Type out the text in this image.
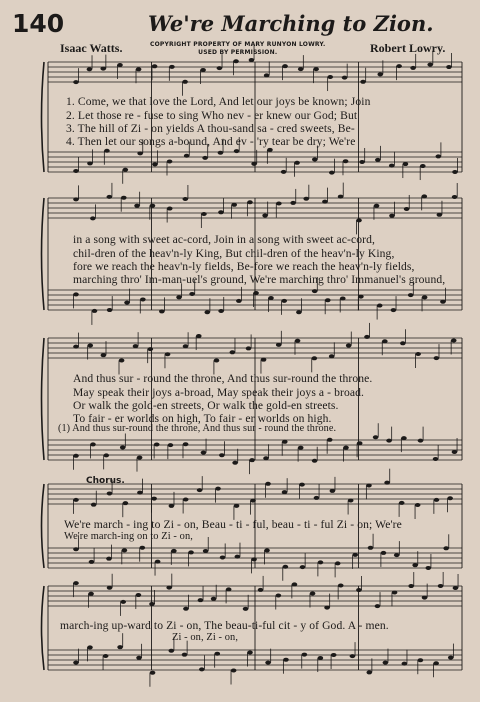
140	We're Marching to Zion.
Isaac Watts.	COPYRIGHT PROPERTY OF MARY RUNYON LOWRY.
USED BY PERMISSION.	Robert Lowry.
1. Come, we that love the Lord, And let our joys be known; Join
2. Let those re - fuse to sing Who nev - er knew our God; But
3. The hill of Zi - on yields A thou-sand sa - cred sweets, Be-
4. Then let our songs a-bound, And ev - 'ry tear be dry; We're
in a song with sweet ac-cord, Join in a song with sweet ac-cord,
chil-dren of the heav'n-ly King, But chil-dren of the heav'n-ly King,
fore we reach the heav'n-ly fields, Be-fore we reach the heav'n-ly fields,
marching thro' Im-man-uel's ground, We're marching thro' Immanuel's ground,
And thus sur - round the throne, And thus sur-round the throne.
May speak their joys a-broad, May speak their joys a - broad.
Or walk the gold-en streets, Or walk the gold-en streets.
To fair - er worlds on high, To fair - er worlds on high.
(1) And thus sur-round the throne, And thus sur - round the throne.
Chorus.
We're march - ing to Zi - on, Beau - ti - ful, beau - ti - ful Zi - on; We're
We're march-ing on to Zi - on,
march-ing up-ward to Zi - on, The beau-ti-ful cit - y of God. A - men.
Zi - on, Zi - on,
